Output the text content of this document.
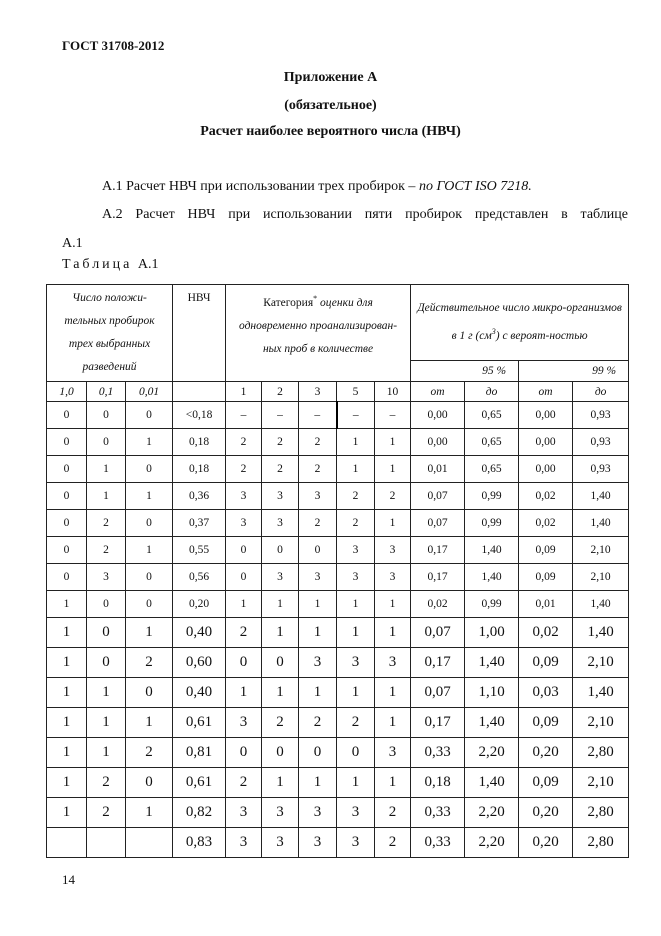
ГОСТ 31708-2012
Приложение А
(обязательное)
Расчет наиболее вероятного числа (НВЧ)
А.1 Расчет НВЧ при использовании трех пробирок – по ГОСТ ISO 7218.
А.2 Расчет НВЧ при использовании пяти пробирок представлен в таблице
А.1
Таблица А.1
Число положи-тельных пробирок трех выбранных разведений			НВЧ	Категория* оценки для одновременно проанализирован-ных проб в количестве					Действительное число микро-организмов в 1 г $(см^3)$ с вероят-ностью			
									95 %		99 %	
1,0	0,1	0,01		1	2	3	5	10	от	до	от	до
0	0	0	<0,18	–	–	–	–	–	0,00	0,65	0,00	0,93
0	0	1	0,18	2	2	2	1	1	0,00	0,65	0,00	0,93
0	1	0	0,18	2	2	2	1	1	0,01	0,65	0,00	0,93
0	1	1	0,36	3	3	3	2	2	0,07	0,99	0,02	1,40
0	2	0	0,37	3	3	2	2	1	0,07	0,99	0,02	1,40
0	2	1	0,55	0	0	0	3	3	0,17	1,40	0,09	2,10
0	3	0	0,56	0	3	3	3	3	0,17	1,40	0,09	2,10
1	0	0	0,20	1	1	1	1	1	0,02	0,99	0,01	1,40
1	0	1	0,40	2	1	1	1	1	0,07	1,00	0,02	1,40
1	0	2	0,60	0	0	3	3	3	0,17	1,40	0,09	2,10
1	1	0	0,40	1	1	1	1	1	0,07	1,10	0,03	1,40
1	1	1	0,61	3	2	2	2	1	0,17	1,40	0,09	2,10
1	1	2	0,81	0	0	0	0	3	0,33	2,20	0,20	2,80
1	2	0	0,61	2	1	1	1	1	0,18	1,40	0,09	2,10
1	2	1	0,82	3	3	3	3	2	0,33	2,20	0,20	2,80
			0,83	3	3	3	3	2	0,33	2,20	0,20	2,80
14
